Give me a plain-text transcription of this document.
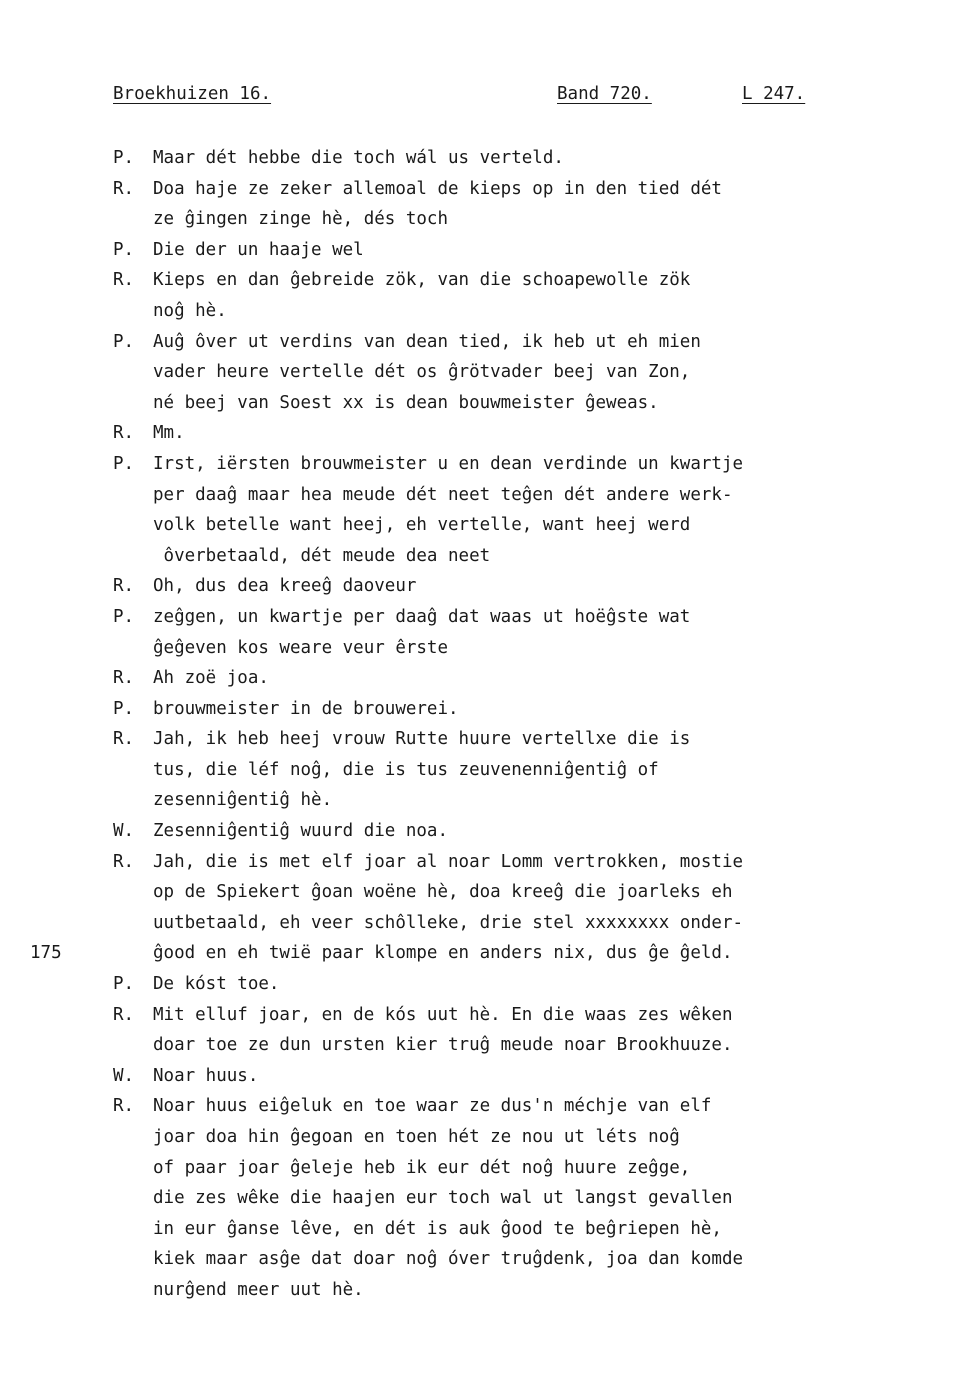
Broekhuizen 16.	Band 720.	L 247.
175
P. Maar dét hebbe die toch wál us verteld.
R. Doa haje ze zeker allemoal de kieps op in den tied dét
ze ĝingen zinge hè, dés toch
P. Die der un haaje wel
R. Kieps en dan ĝebreide zök, van die schoapewolle zök
noĝ hè.
P. Auĝ ôver ut verdins van dean tied, ik heb ut eh mien
vader heure vertelle dét os ĝrötvader beej van Zon,
né beej van Soest xx is dean bouwmeister ĝeweas.
R. Mm.
P. Irst, iërsten brouwmeister u en dean verdinde un kwartje
per daaĝ maar hea meude dét neet teĝen dét andere werk-
volk betelle want heej, eh vertelle, want heej werd
ôverbetaald, dét meude dea neet
R. Oh, dus dea kreeĝ daoveur
P. zeĝgen, un kwartje per daaĝ dat waas ut hoëĝste wat
ĝeĝeven kos weare veur êrste
R. Ah zoë joa.
P. brouwmeister in de brouwerei.
R. Jah, ik heb heej vrouw Rutte huure vertellxe die is
tus, die léf noĝ, die is tus zeuvenenniĝentiĝ of
zesenniĝentiĝ hè.
W. Zesenniĝentiĝ wuurd die noa.
R. Jah, die is met elf joar al noar Lomm vertrokken, mostie
op de Spiekert ĝoan woëne hè, doa kreeĝ die joarleks eh
uutbetaald, eh veer schôlleke, drie stel xxxxxxxx onder-
ĝood en eh twië paar klompe en anders nix, dus ĝe ĝeld.
P. De kóst toe.
R. Mit elluf joar, en de kós uut hè. En die waas zes wêken
doar toe ze dun ursten kier truĝ meude noar Brookhuuze.
W. Noar huus.
R. Noar huus eiĝeluk en toe waar ze dus'n méchje van elf
joar doa hin ĝegoan en toen hét ze nou ut léts noĝ
of paar joar ĝeleje heb ik eur dét noĝ huure zeĝge,
die zes wêke die haajen eur toch wal ut langst gevallen
in eur ĝanse lêve, en dét is auk ĝood te beĝriepen hè,
kiek maar asĝe dat doar noĝ óver truĝdenk, joa dan komde
nurĝend meer uut hè.
